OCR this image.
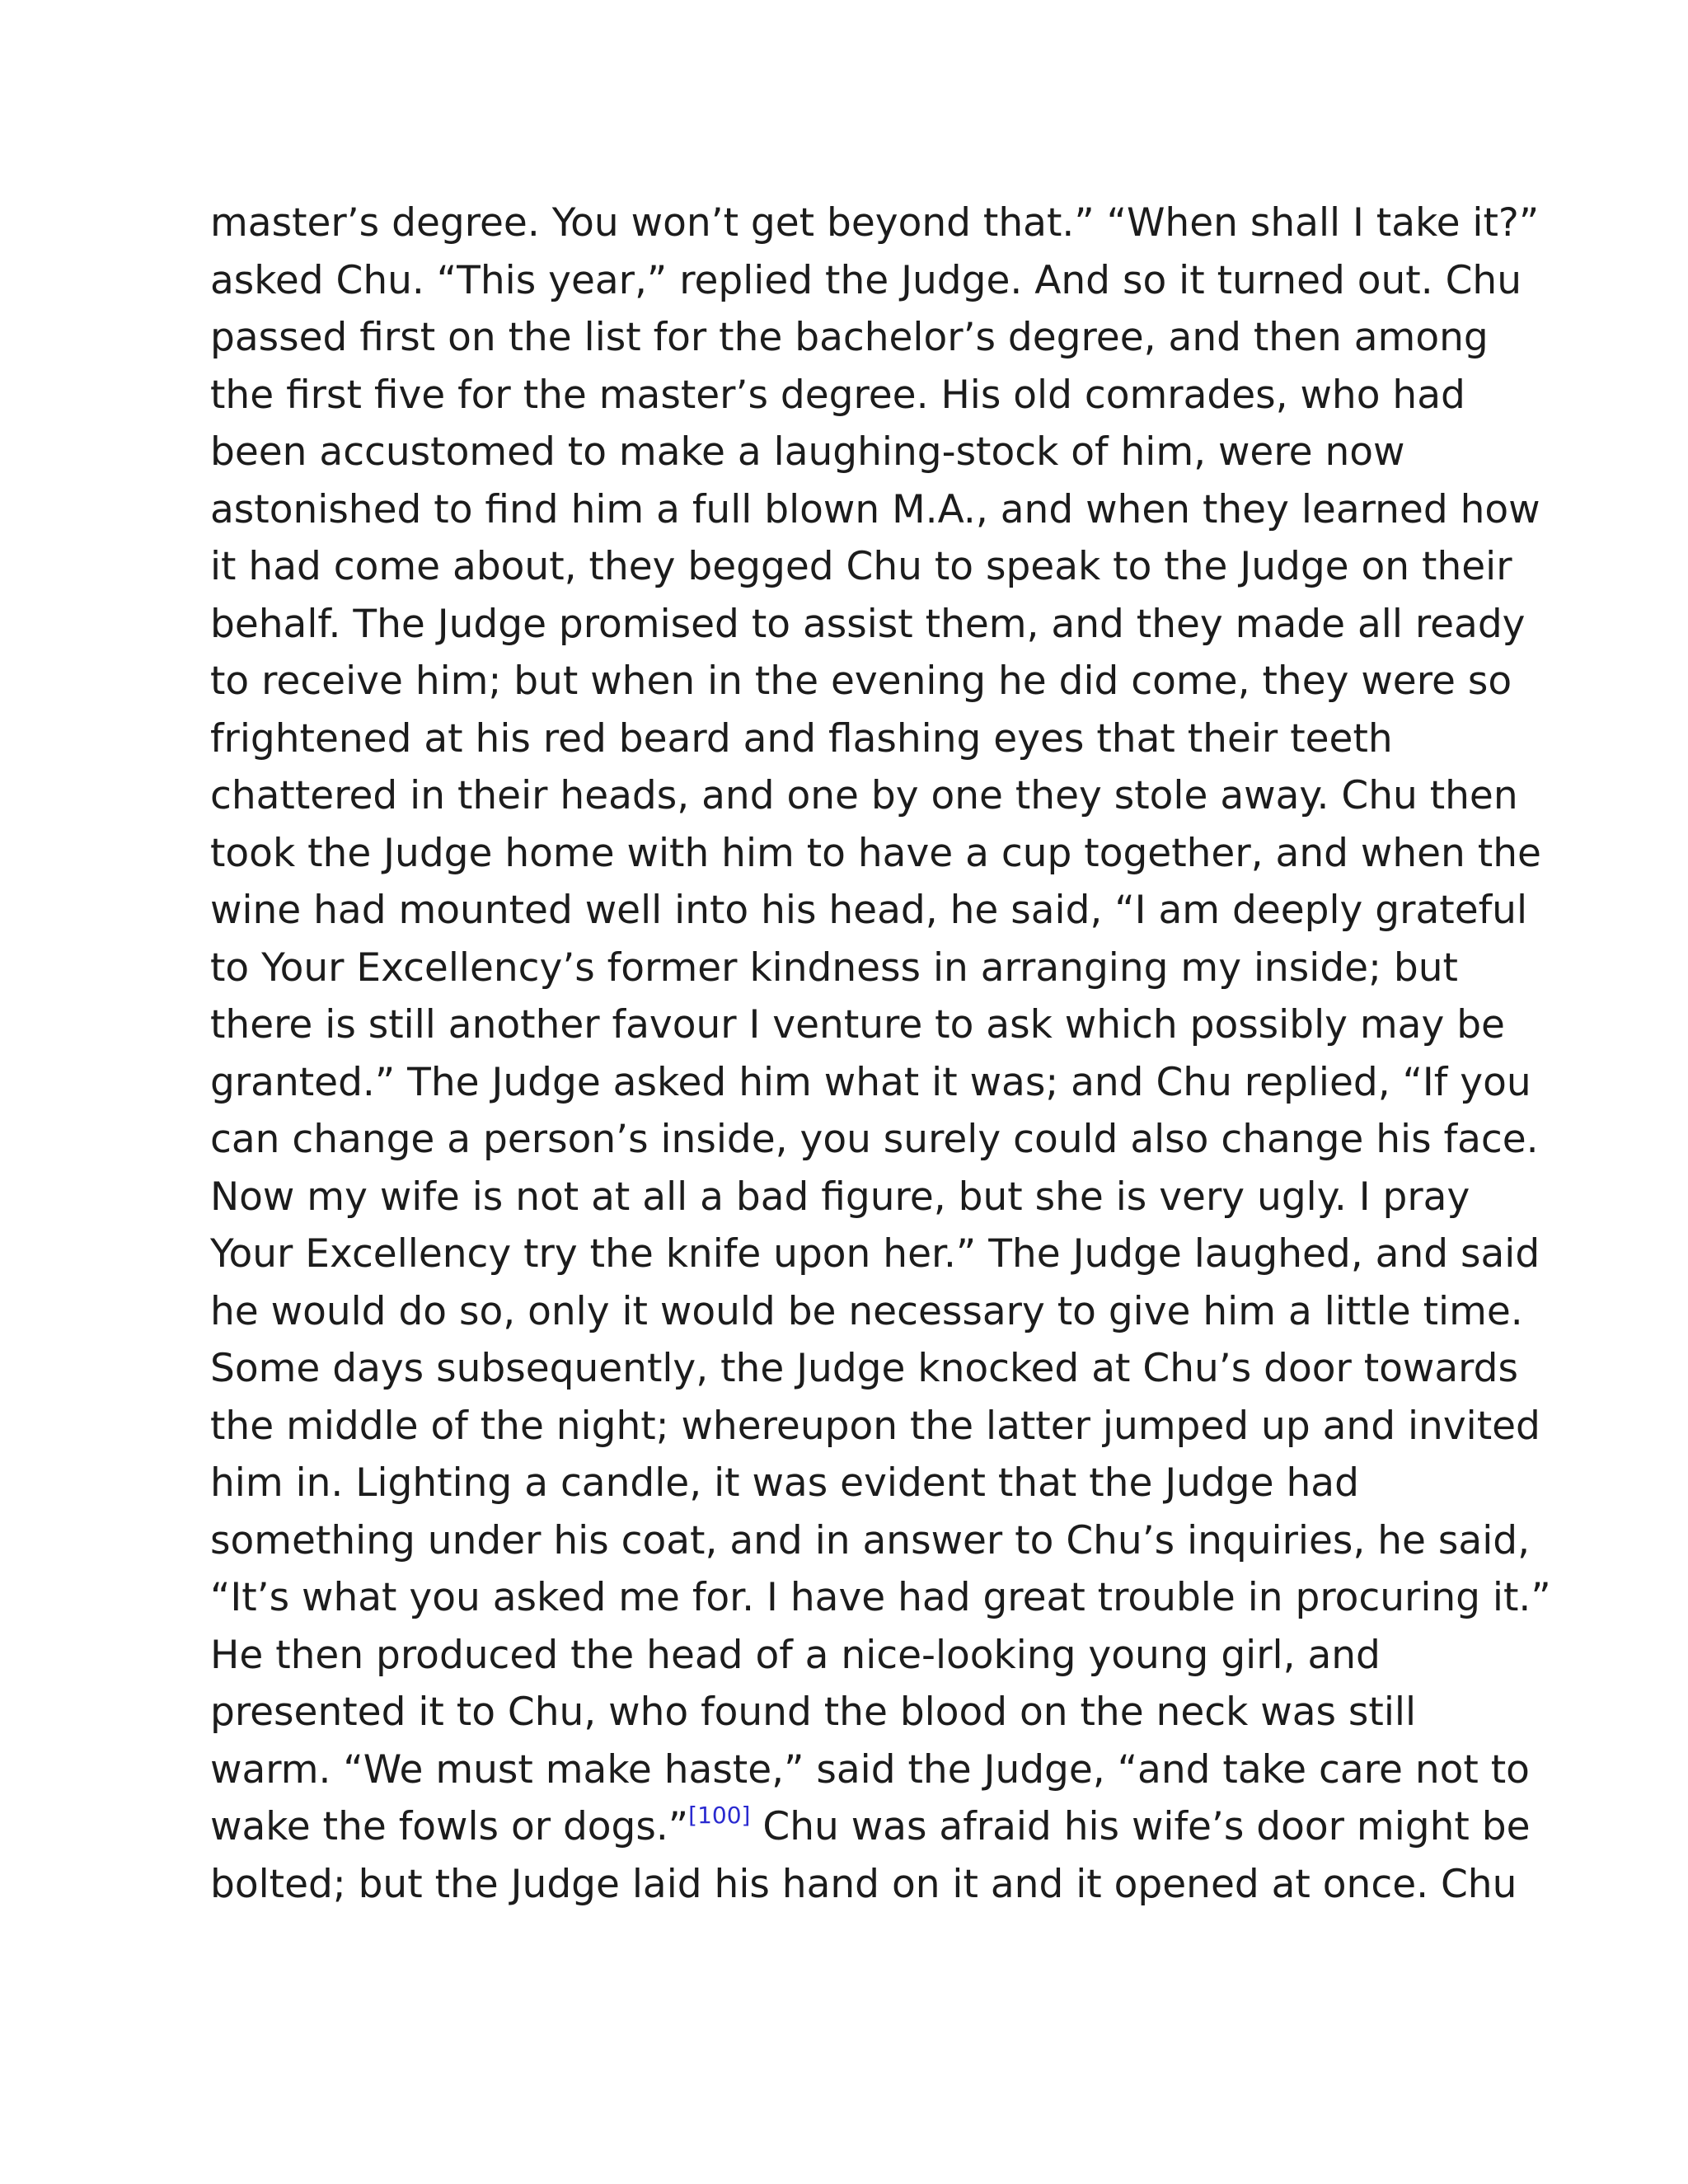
master’s degree. You won’t get beyond that.” “When shall I take it?”
asked Chu. “This year,” replied the Judge. And so it turned out. Chu
passed first on the list for the bachelor’s degree, and then among
the first five for the master’s degree. His old comrades, who had
been accustomed to make a laughing-stock of him, were now
astonished to find him a full blown M.A., and when they learned how
it had come about, they begged Chu to speak to the Judge on their
behalf. The Judge promised to assist them, and they made all ready
to receive him; but when in the evening he did come, they were so
frightened at his red beard and flashing eyes that their teeth
chattered in their heads, and one by one they stole away. Chu then
took the Judge home with him to have a cup together, and when the
wine had mounted well into his head, he said, “I am deeply grateful
to Your Excellency’s former kindness in arranging my inside; but
there is still another favour I venture to ask which possibly may be
granted.” The Judge asked him what it was; and Chu replied, “If you
can change a person’s inside, you surely could also change his face.
Now my wife is not at all a bad figure, but she is very ugly. I pray
Your Excellency try the knife upon her.” The Judge laughed, and said
he would do so, only it would be necessary to give him a little time.
Some days subsequently, the Judge knocked at Chu’s door towards
the middle of the night; whereupon the latter jumped up and invited
him in. Lighting a candle, it was evident that the Judge had
something under his coat, and in answer to Chu’s inquiries, he said,
“It’s what you asked me for. I have had great trouble in procuring it.”
He then produced the head of a nice-looking young girl, and
presented it to Chu, who found the blood on the neck was still
warm. “We must make haste,” said the Judge, “and take care not to
wake the fowls or dogs.”[100] Chu was afraid his wife’s door might be
bolted; but the Judge laid his hand on it and it opened at once. Chu
